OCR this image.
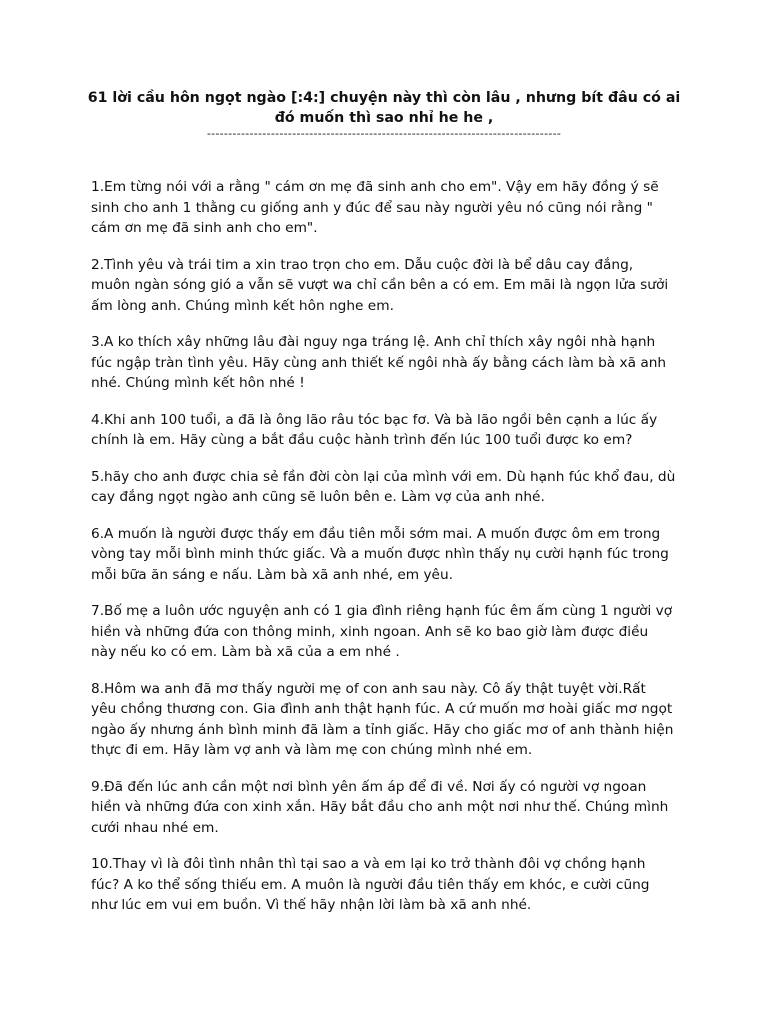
61 lời cầu hôn ngọt ngào [:4:] chuyện này thì còn lâu , nhưng bít đâu có ai
đó muốn thì sao nhỉ he he ,
-----------------------------------------------------------------------------------
1.Em từng nói với a rằng " cám ơn mẹ đã sinh anh cho em". Vậy em hãy đồng ý sẽ
sinh cho anh 1 thằng cu giống anh y đúc để sau này người yêu nó cũng nói rằng "
cám ơn mẹ đã sinh anh cho em".
2.Tình yêu và trái tim a xin trao trọn cho em. Dẫu cuộc đời là bể dâu cay đắng,
muôn ngàn sóng gió a vẫn sẽ vượt wa chỉ cần bên a có em. Em mãi là ngọn lửa sưởi
ấm lòng anh. Chúng mình kết hôn nghe em.
3.A ko thích xây những lâu đài nguy nga tráng lệ. Anh chỉ thích xây ngôi nhà hạnh
fúc ngập tràn tình yêu. Hãy cùng anh thiết kế ngôi nhà ấy bằng cách làm bà xã anh
nhé. Chúng mình kết hôn nhé !
4.Khi anh 100 tuổi, a đã là ông lão râu tóc bạc fơ. Và bà lão ngồi bên cạnh a lúc ấy
chính là em. Hãy cùng a bắt đầu cuộc hành trình đến lúc 100 tuổi được ko em?
5.hãy cho anh được chia sẻ fần đời còn lại của mình với em. Dù hạnh fúc khổ đau, dù
cay đắng ngọt ngào anh cũng sẽ luôn bên e. Làm vợ của anh nhé.
6.A muốn là người được thấy em đầu tiên mỗi sớm mai. A muốn được ôm em trong
vòng tay mỗi bình minh thức giấc. Và a muốn được nhìn thấy nụ cười hạnh fúc trong
mỗi bữa ăn sáng e nấu. Làm bà xã anh nhé, em yêu.
7.Bố mẹ a luôn ước nguyện anh có 1 gia đình riêng hạnh fúc êm ấm cùng 1 người vợ
hiền và những đứa con thông minh, xinh ngoan. Anh sẽ ko bao giờ làm được điều
này nếu ko có em. Làm bà xã của a em nhé .
8.Hôm wa anh đã mơ thấy người mẹ of con anh sau này. Cô ấy thật tuyệt vời.Rất
yêu chồng thương con. Gia đình anh thật hạnh fúc. A cứ muốn mơ hoài giấc mơ ngọt
ngào ấy nhưng ánh bình minh đã làm a tỉnh giấc. Hãy cho giấc mơ of anh thành hiện
thực đi em. Hãy làm vợ anh và làm mẹ con chúng mình nhé em.
9.Đã đến lúc anh cần một nơi bình yên ấm áp để đi về. Nơi ấy có người vợ ngoan
hiền và những đứa con xinh xắn. Hãy bắt đầu cho anh một nơi như thế. Chúng mình
cưới nhau nhé em.
10.Thay vì là đôi tình nhân thì tại sao a và em lại ko trở thành đôi vợ chồng hạnh
fúc? A ko thể sống thiếu em. A muôn là người đầu tiên thấy em khóc, e cười cũng
như lúc em vui em buồn. Vì thế hãy nhận lời làm bà xã anh nhé.
